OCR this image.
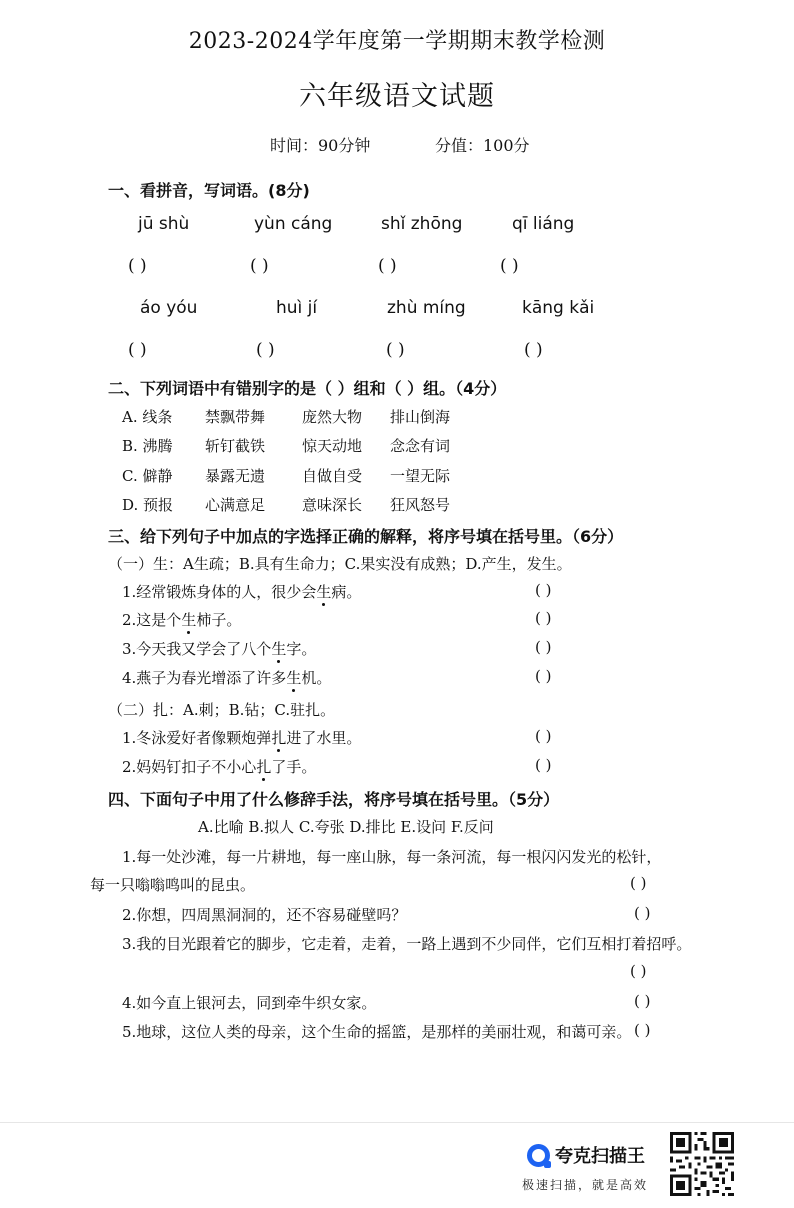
2023-2024学年度第一学期期末教学检测
六年级语文试题
时间：90分钟	分值：100分
一、看拼音，写词语。(8分)
jū shù	yùn cáng	shǐ zhōng	qī liáng
( )	( )	( )	( )
áo yóu	huì jí	zhù míng	kāng kǎi
( )	( )	( )	( )
二、下列词语中有错别字的是（ ）组和（ ）组。（4分）
A. 线条 禁飘带舞 庞然大物 排山倒海
B. 沸腾 斩钉截铁 惊天动地 念念有词
C. 僻静 暴露无遗 自做自受 一望无际
D. 预报 心满意足 意味深长 狂风怒号
三、给下列句子中加点的字选择正确的解释，将序号填在括号里。（6分）
（一）生：A生疏；B.具有生命力；C.果实没有成熟；D.产生，发生。
1.经常锻炼身体的人，很少会生病。	( )
2.这是个生柿子。	( )
3.今天我又学会了八个生字。	( )
4.燕子为春光增添了许多生机。	( )
（二）扎：A.刺；B.钻；C.驻扎。
1.冬泳爱好者像颗炮弹扎进了水里。	( )
2.妈妈钉扣子不小心扎了手。	( )
四、下面句子中用了什么修辞手法，将序号填在括号里。（5分）
A.比喻 B.拟人 C.夸张 D.排比 E.设问 F.反问
1.每一处沙滩，每一片耕地，每一座山脉，每一条河流，每一根闪闪发光的松针，
每一只嗡嗡鸣叫的昆虫。	( )
2.你想，四周黑洞洞的，还不容易碰壁吗？	( )
3.我的目光跟着它的脚步，它走着，走着，一路上遇到不少同伴，它们互相打着招呼。
( )
4.如今直上银河去，同到牵牛织女家。	( )
5.地球，这位人类的母亲，这个生命的摇篮，是那样的美丽壮观，和蔼可亲。 ( )
夸克扫描王
极速扫描，就是高效
